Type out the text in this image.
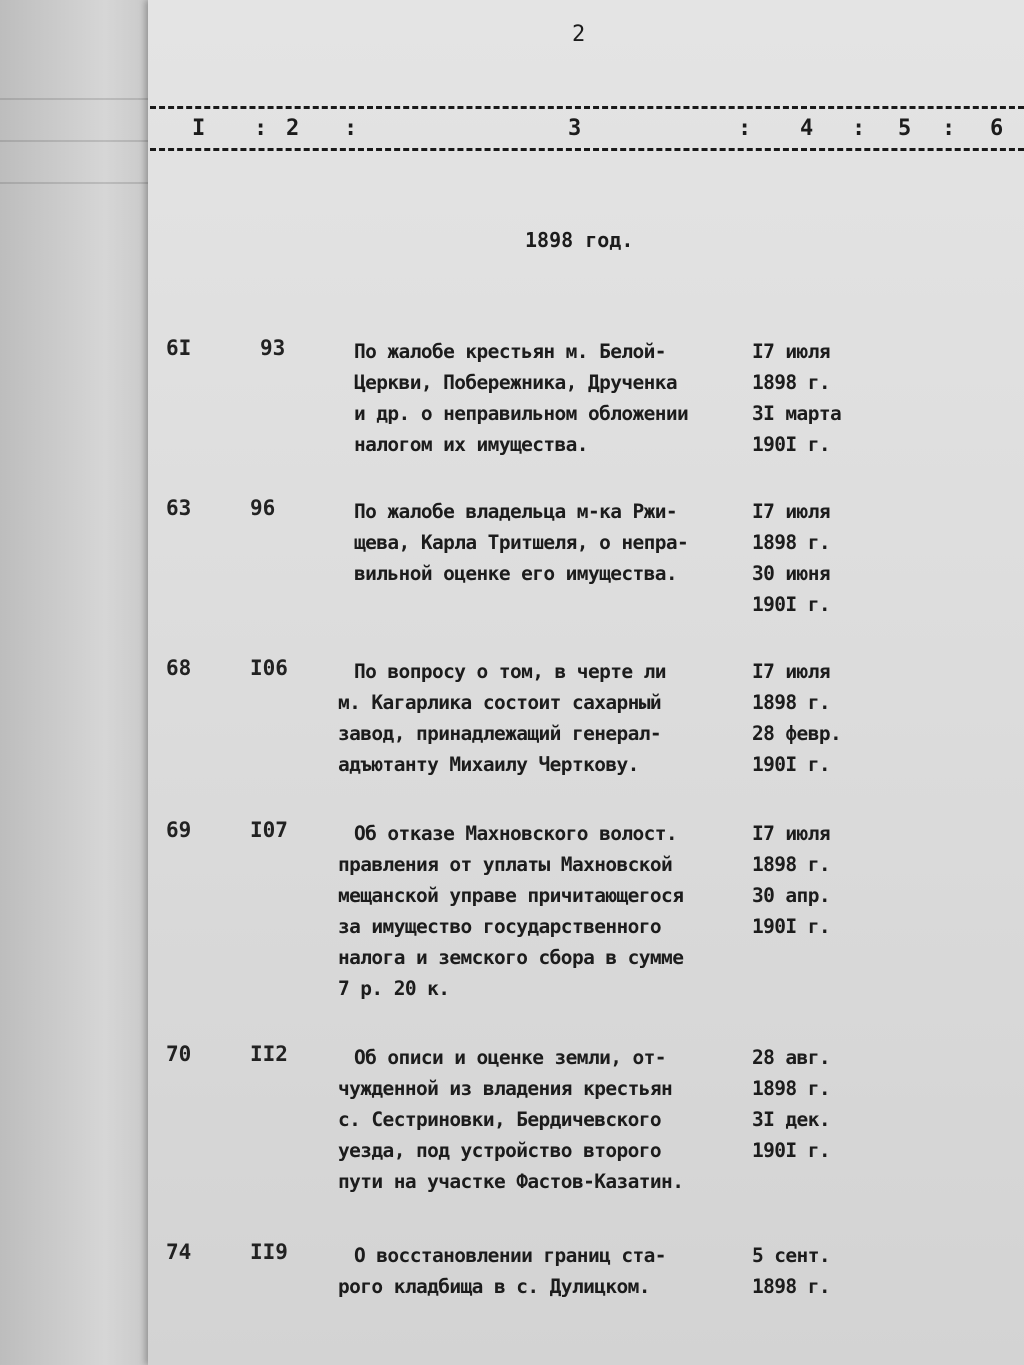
2
I : 2 :	3	: 4 : 5 : 6
1898 год.
6I	93	По жалобе крестьян м. Белой-
Церкви, Побережника, Друченка
и др. о неправильном обложении
налогом их имущества.
I7 июля
1898 г.
3I марта
190I г.
63	96	По жалобе владельца м-ка Ржи-
щева, Карла Тритшеля, о непра-
вильной оценке его имущества.
I7 июля
1898 г.
30 июня
190I г.
68	I06	По вопросу о том, в черте ли
м. Кагарлика состоит сахарный
завод, принадлежащий генерал-
адъютанту Михаилу Черткову.
I7 июля
1898 г.
28 февр.
190I г.
69	I07	Об отказе Махновского волост.
правления от уплаты Махновской
мещанской управе причитающегося
за имущество государственного
налога и земского сбора в сумме
7 р. 20 к.
I7 июля
1898 г.
30 апр.
190I г.
70	II2	Об описи и оценке земли, от-
чужденной из владения крестьян
с. Сестриновки, Бердичевского
уезда, под устройство второго
пути на участке Фастов-Казатин.
28 авг.
1898 г.
3I дек.
190I г.
74	II9	О восстановлении границ ста-
рого кладбища в с. Дулицком.
5 сент.
1898 г.
